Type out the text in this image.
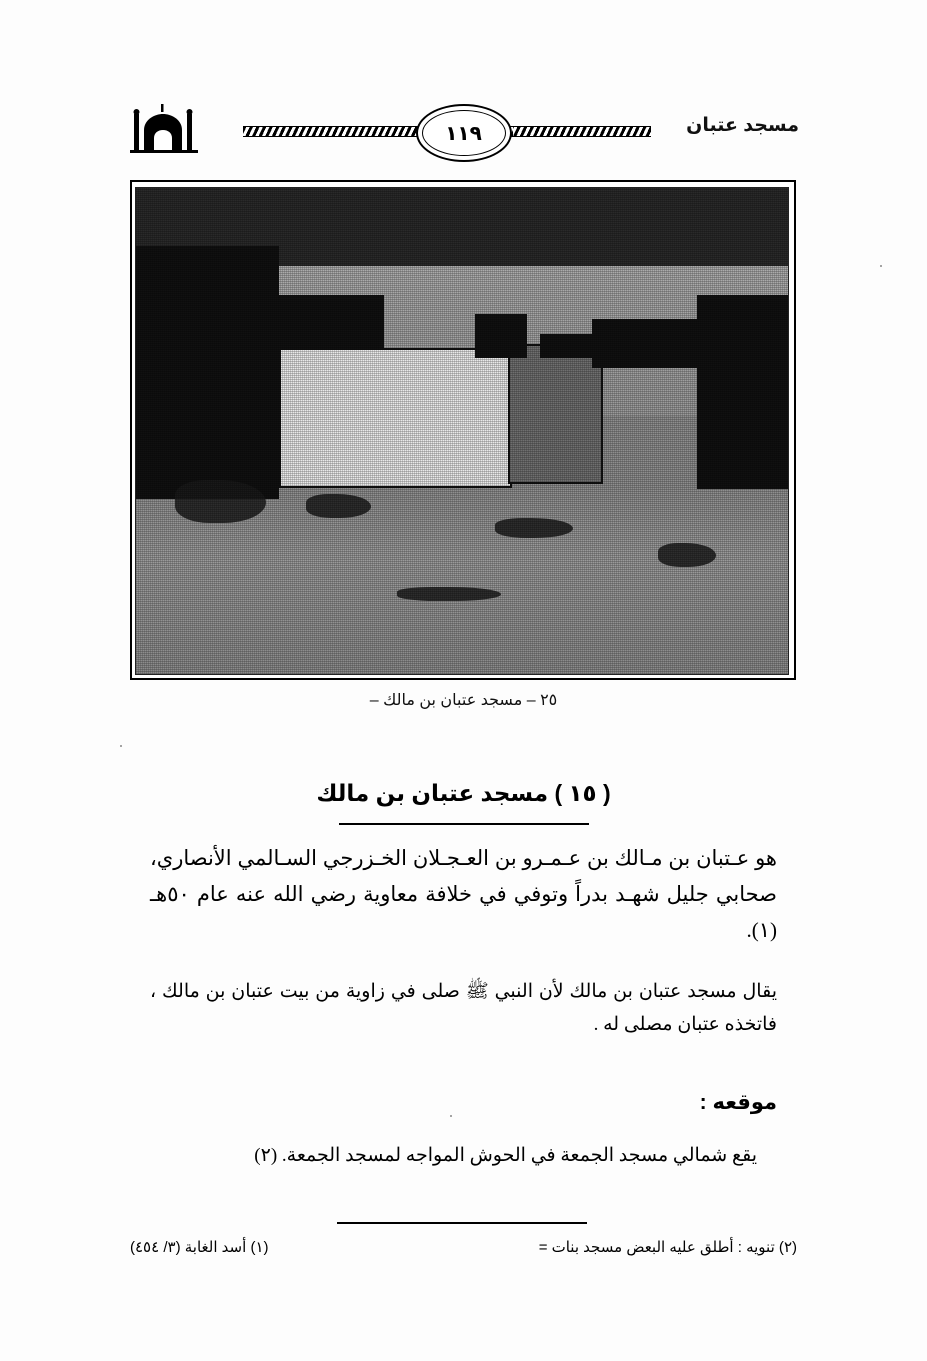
مسجد عتبان
١١٩
‎٢٥ – مسجد عتبان بن مالك –
( ١٥ ) مسجد عتبان بن مالك
هو عـتبان بن مـالك بن عـمـرو بن العـجـلان الخـزرجي السـالمي الأنصاري، صحابي جليل شهـد بدراً وتوفي في خلافة معاوية رضي الله عنه عام ٥٠هـ (١).
يقال مسجد عتبان بن مالك لأن النبي ﷺ صلى في زاوية من بيت عتبان بن مالك ، فاتخذه عتبان مصلى له .
موقعه :
يقع شمالي مسجد الجمعة في الحوش المواجه لمسجد الجمعة. (٢)
(٢) تنويه : أطلق عليه البعض مسجد بنات =
(١) أسد الغابة (٣/ ٤٥٤)
